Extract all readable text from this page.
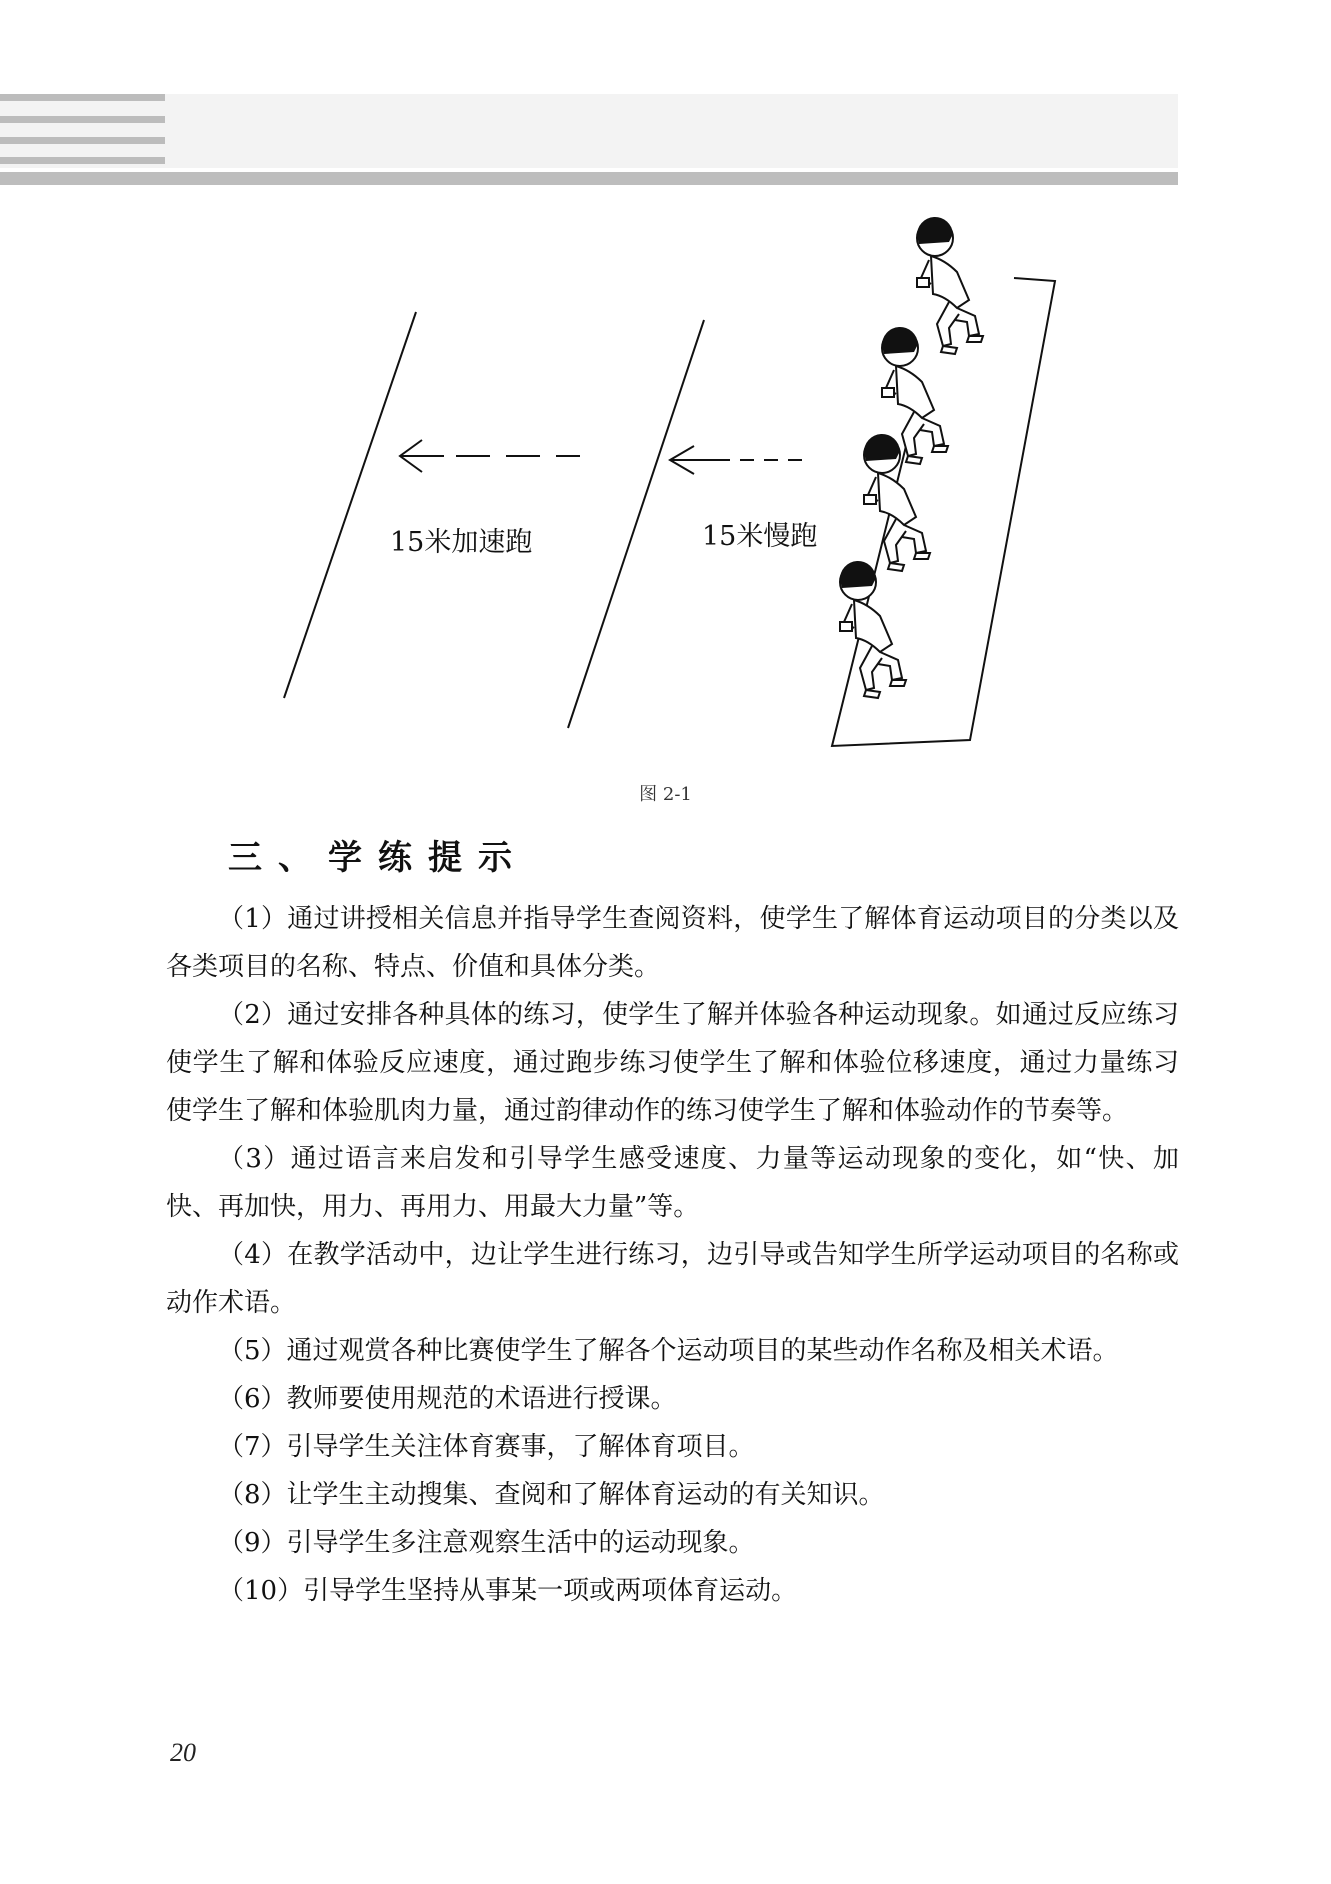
15米加速跑	15米慢跑
图 2-1
三、学练提示

（1）通过讲授相关信息并指导学生查阅资料，使学生了解体育运动项目的分类以及各类项目的名称、特点、价值和具体分类。

（2）通过安排各种具体的练习，使学生了解并体验各种运动现象。如通过反应练习使学生了解和体验反应速度，通过跑步练习使学生了解和体验位移速度，通过力量练习使学生了解和体验肌肉力量，通过韵律动作的练习使学生了解和体验动作的节奏等。

（3）通过语言来启发和引导学生感受速度、力量等运动现象的变化，如“快、加快、再加快，用力、再用力、用最大力量”等。

（4）在教学活动中，边让学生进行练习，边引导或告知学生所学运动项目的名称或动作术语。

（5）通过观赏各种比赛使学生了解各个运动项目的某些动作名称及相关术语。

（6）教师要使用规范的术语进行授课。

（7）引导学生关注体育赛事，了解体育项目。

（8）让学生主动搜集、查阅和了解体育运动的有关知识。

（9）引导学生多注意观察生活中的运动现象。

（10）引导学生坚持从事某一项或两项体育运动。

20
